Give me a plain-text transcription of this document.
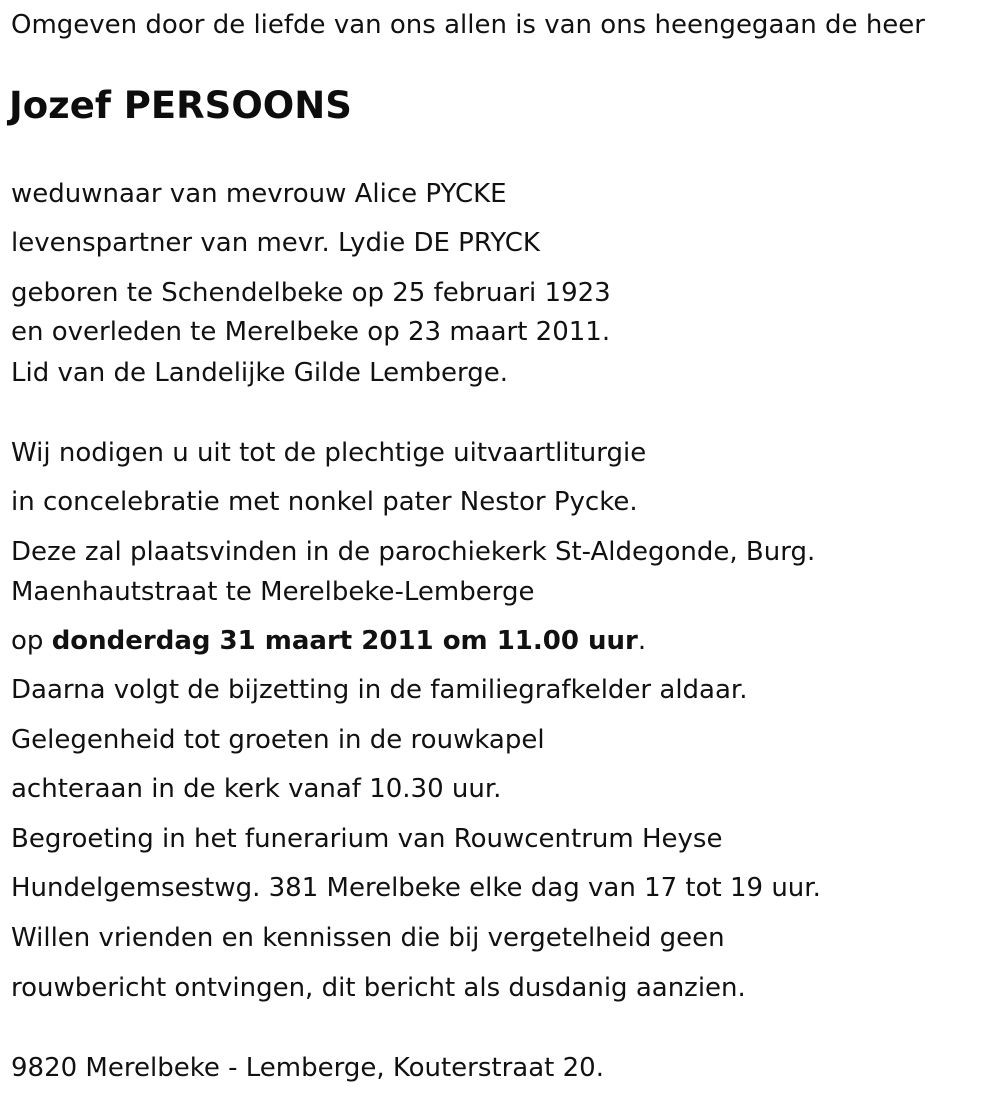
Omgeven door de liefde van ons allen is van ons heengegaan de heer
Jozef PERSOONS
weduwnaar van mevrouw Alice PYCKE
levenspartner van mevr. Lydie DE PRYCK
geboren te Schendelbeke op 25 februari 1923
en overleden te Merelbeke op 23 maart 2011.
Lid van de Landelijke Gilde Lemberge.
Wij nodigen u uit tot de plechtige uitvaartliturgie
in concelebratie met nonkel pater Nestor Pycke.
Deze zal plaatsvinden in de parochiekerk St-Aldegonde, Burg.
Maenhautstraat te Merelbeke-Lemberge
op donderdag 31 maart 2011 om 11.00 uur.
Daarna volgt de bijzetting in de familiegrafkelder aldaar.
Gelegenheid tot groeten in de rouwkapel
achteraan in de kerk vanaf 10.30 uur.
Begroeting in het funerarium van Rouwcentrum Heyse
Hundelgemsestwg. 381 Merelbeke elke dag van 17 tot 19 uur.
Willen vrienden en kennissen die bij vergetelheid geen
rouwbericht ontvingen, dit bericht als dusdanig aanzien.
9820 Merelbeke - Lemberge, Kouterstraat 20.
